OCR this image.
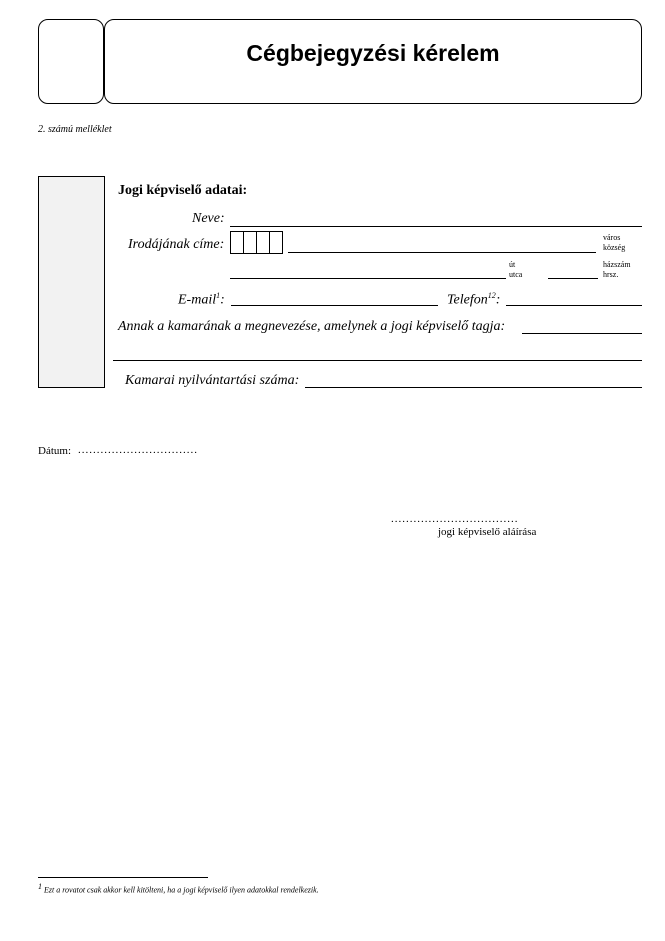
Cégbejegyzési kérelem
2. számú melléklet
Jogi képviselő adatai:
Neve:
Irodájának címe:	város
község
út
utca
házszám
hrsz.
E-mail$^1$:	Telefon$^{12}$:
Annak a kamarának a megnevezése, amelynek a jogi képviselő tagja:
Kamarai nyilvántartási száma:
Dátum: ................................
..................................
jogi képviselő aláírása
$^1$ Ezt a rovatot csak akkor kell kitölteni, ha a jogi képviselő ilyen adatokkal rendelkezik.
